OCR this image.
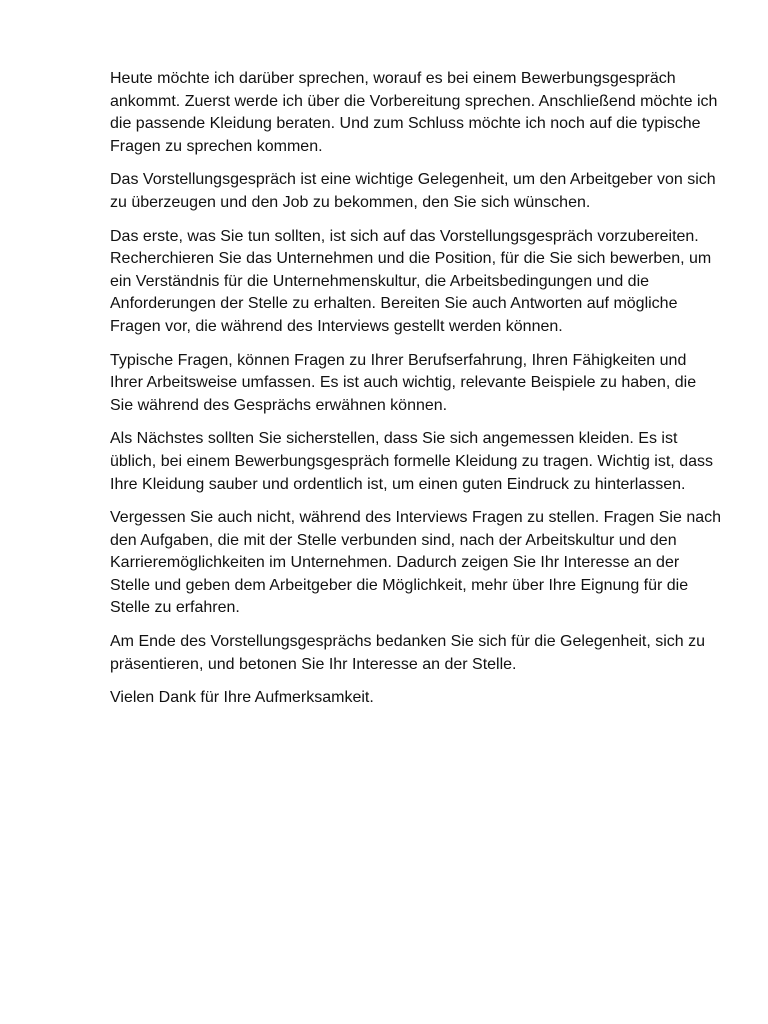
Heute möchte ich darüber sprechen, worauf es bei einem Bewerbungsgespräch ankommt. Zuerst werde ich über die Vorbereitung sprechen. Anschließend möchte ich die passende Kleidung beraten. Und zum Schluss möchte ich noch auf die typische Fragen zu sprechen kommen.

Das Vorstellungsgespräch ist eine wichtige Gelegenheit, um den Arbeitgeber von sich zu überzeugen und den Job zu bekommen, den Sie sich wünschen.

Das erste, was Sie tun sollten, ist sich auf das Vorstellungsgespräch vorzubereiten. Recherchieren Sie das Unternehmen und die Position, für die Sie sich bewerben, um ein Verständnis für die Unternehmenskultur, die Arbeitsbedingungen und die Anforderungen der Stelle zu erhalten. Bereiten Sie auch Antworten auf mögliche Fragen vor, die während des Interviews gestellt werden können.

Typische Fragen, können Fragen zu Ihrer Berufserfahrung, Ihren Fähigkeiten und Ihrer Arbeitsweise umfassen. Es ist auch wichtig, relevante Beispiele zu haben, die Sie während des Gesprächs erwähnen können.

Als Nächstes sollten Sie sicherstellen, dass Sie sich angemessen kleiden. Es ist üblich, bei einem Bewerbungsgespräch formelle Kleidung zu tragen. Wichtig ist, dass Ihre Kleidung sauber und ordentlich ist, um einen guten Eindruck zu hinterlassen.

Vergessen Sie auch nicht, während des Interviews Fragen zu stellen. Fragen Sie nach den Aufgaben, die mit der Stelle verbunden sind, nach der Arbeitskultur und den Karrieremöglichkeiten im Unternehmen. Dadurch zeigen Sie Ihr Interesse an der Stelle und geben dem Arbeitgeber die Möglichkeit, mehr über Ihre Eignung für die Stelle zu erfahren.

Am Ende des Vorstellungsgesprächs bedanken Sie sich für die Gelegenheit, sich zu präsentieren, und betonen Sie Ihr Interesse an der Stelle.

Vielen Dank für Ihre Aufmerksamkeit.
